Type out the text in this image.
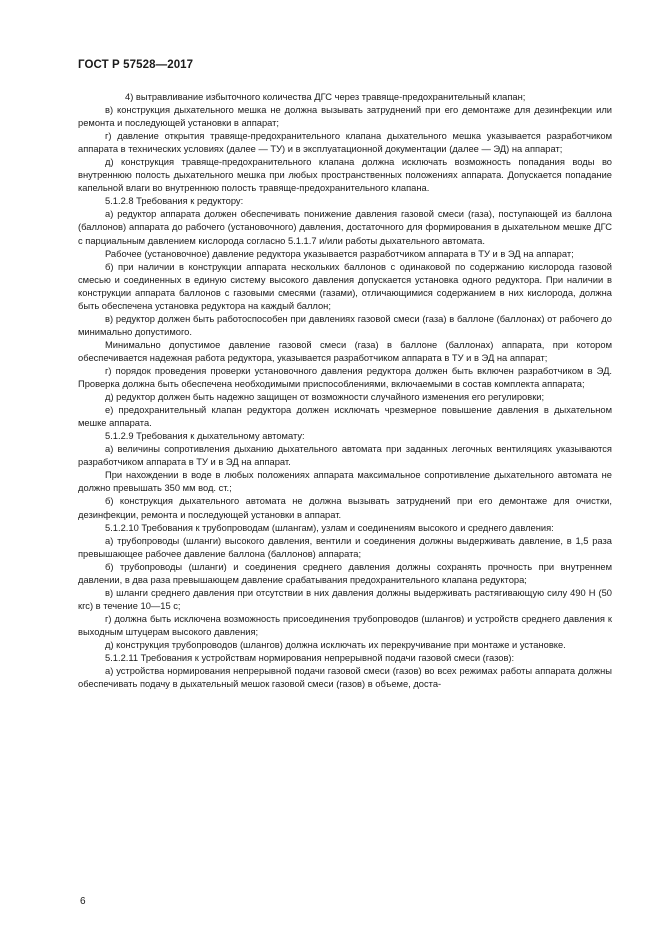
ГОСТ Р 57528—2017

4) вытравливание избыточного количества ДГС через травяще-предохранительный клапан;

в) конструкция дыхательного мешка не должна вызывать затруднений при его демонтаже для дезинфекции или ремонта и последующей установки в аппарат;

г) давление открытия травяще-предохранительного клапана дыхательного мешка указывается разработчиком аппарата в технических условиях (далее — ТУ) и в эксплуатационной документации (далее — ЭД) на аппарат;

д) конструкция травяще-предохранительного клапана должна исключать возможность попадания воды во внутреннюю полость дыхательного мешка при любых пространственных положениях аппарата. Допускается попадание капельной влаги во внутреннюю полость травяще-предохранительного клапана.

5.1.2.8 Требования к редуктору:

а) редуктор аппарата должен обеспечивать понижение давления газовой смеси (газа), поступающей из баллона (баллонов) аппарата до рабочего (установочного) давления, достаточного для формирования в дыхательном мешке ДГС с парциальным давлением кислорода согласно 5.1.1.7 и/или работы дыхательного автомата.

Рабочее (установочное) давление редуктора указывается разработчиком аппарата в ТУ и в ЭД на аппарат;

б) при наличии в конструкции аппарата нескольких баллонов с одинаковой по содержанию кислорода газовой смесью и соединенных в единую систему высокого давления допускается установка одного редуктора. При наличии в конструкции аппарата баллонов с газовыми смесями (газами), отличающимися содержанием в них кислорода, должна быть обеспечена установка редуктора на каждый баллон;

в) редуктор должен быть работоспособен при давлениях газовой смеси (газа) в баллоне (баллонах) от рабочего до минимально допустимого.

Минимально допустимое давление газовой смеси (газа) в баллоне (баллонах) аппарата, при котором обеспечивается надежная работа редуктора, указывается разработчиком аппарата в ТУ и в ЭД на аппарат;

г) порядок проведения проверки установочного давления редуктора должен быть включен разработчиком в ЭД. Проверка должна быть обеспечена необходимыми приспособлениями, включаемыми в состав комплекта аппарата;

д) редуктор должен быть надежно защищен от возможности случайного изменения его регулировки;

е) предохранительный клапан редуктора должен исключать чрезмерное повышение давления в дыхательном мешке аппарата.

5.1.2.9 Требования к дыхательному автомату:

а) величины сопротивления дыханию дыхательного автомата при заданных легочных вентиляциях указываются разработчиком аппарата в ТУ и в ЭД на аппарат.

При нахождении в воде в любых положениях аппарата максимальное сопротивление дыхательного автомата не должно превышать 350 мм вод. ст.;

б) конструкция дыхательного автомата не должна вызывать затруднений при его демонтаже для очистки, дезинфекции, ремонта и последующей установки в аппарат.

5.1.2.10 Требования к трубопроводам (шлангам), узлам и соединениям высокого и среднего давления:

а) трубопроводы (шланги) высокого давления, вентили и соединения должны выдерживать давление, в 1,5 раза превышающее рабочее давление баллона (баллонов) аппарата;

б) трубопроводы (шланги) и соединения среднего давления должны сохранять прочность при внутреннем давлении, в два раза превышающем давление срабатывания предохранительного клапана редуктора;

в) шланги среднего давления при отсутствии в них давления должны выдерживать растягивающую силу 490 Н (50 кгс) в течение 10—15 с;

г) должна быть исключена возможность присоединения трубопроводов (шлангов) и устройств среднего давления к выходным штуцерам высокого давления;

д) конструкция трубопроводов (шлангов) должна исключать их перекручивание при монтаже и установке.

5.1.2.11 Требования к устройствам нормирования непрерывной подачи газовой смеси (газов):

а) устройства нормирования непрерывной подачи газовой смеси (газов) во всех режимах работы аппарата должны обеспечивать подачу в дыхательный мешок газовой смеси (газов) в объеме, доста-

6
